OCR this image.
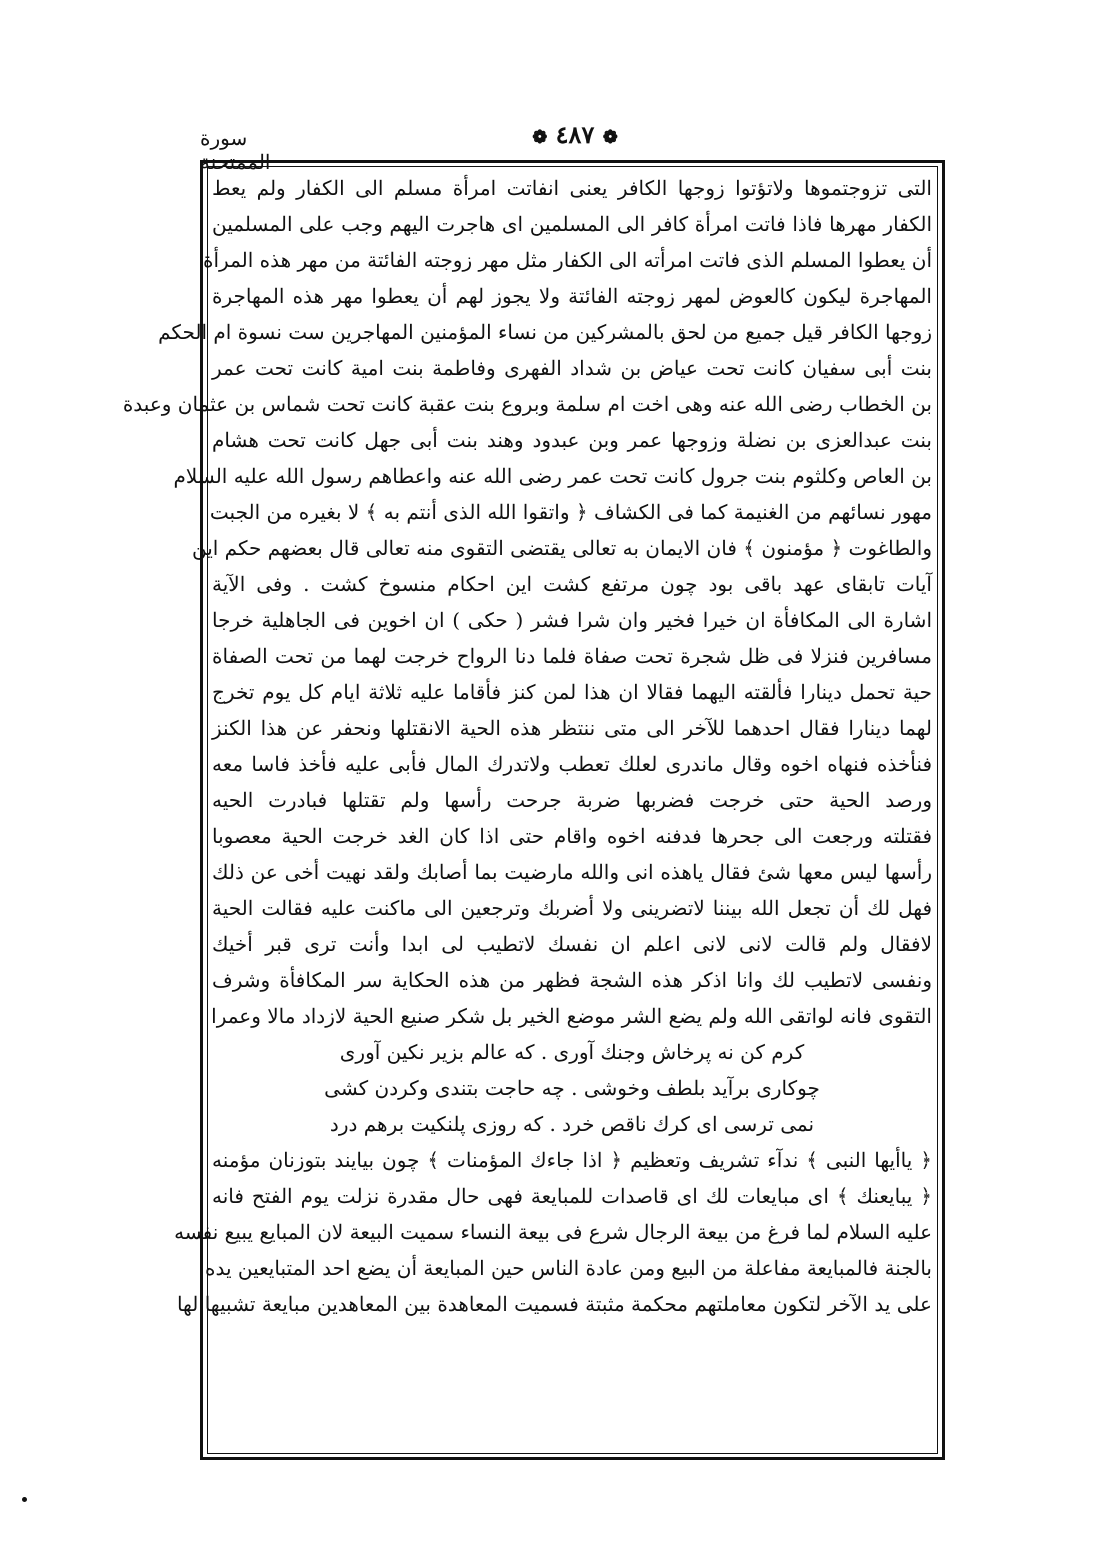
سورة الممتحنة
❁ ٤٨٧ ❁
التى تزوجتموها ولاتؤتوا زوجها الكافر يعنى انفاتت امرأة مسلم الى الكفار ولم يعط
الكفار مهرها فاذا فاتت امرأة كافر الى المسلمين اى هاجرت اليهم وجب على المسلمين
أن يعطوا المسلم الذى فاتت امرأته الى الكفار مثل مهر زوجته الفائتة من مهر هذه المرأة
المهاجرة ليكون كالعوض لمهر زوجته الفائتة ولا يجوز لهم أن يعطوا مهر هذه المهاجرة
زوجها الكافر قيل جميع من لحق بالمشركين من نساء المؤمنين المهاجرين ست نسوة ام الحكم
بنت أبى سفيان كانت تحت عياض بن شداد الفهرى وفاطمة بنت امية كانت تحت عمر
بن الخطاب رضى الله عنه وهى اخت ام سلمة وبروع بنت عقبة كانت تحت شماس بن عثمان وعبدة
بنت عبدالعزى بن نضلة وزوجها عمر وبن عبدود وهند بنت أبى جهل كانت تحت هشام
بن العاص وكلثوم بنت جرول كانت تحت عمر رضى الله عنه واعطاهم رسول الله عليه السلام
مهور نسائهم من الغنيمة كما فى الكشاف ﴿ واتقوا الله الذى أنتم به ﴾ لا بغيره من الجبت
والطاغوت ﴿ مؤمنون ﴾ فان الايمان به تعالى يقتضى التقوى منه تعالى قال بعضهم حكم اين
آيات تابقاى عهد باقى بود چون مرتفع كشت اين احكام منسوخ كشت . وفى الآية
اشارة الى المكافأة ان خيرا فخير وان شرا فشر ( حكى ) ان اخوين فى الجاهلية خرجا
مسافرين فنزلا فى ظل شجرة تحت صفاة فلما دنا الرواح خرجت لهما من تحت الصفاة
حية تحمل دينارا فألقته اليهما فقالا ان هذا لمن كنز فأقاما عليه ثلاثة ايام كل يوم تخرج
لهما دينارا فقال احدهما للآخر الى متى ننتظر هذه الحية الانقتلها ونحفر عن هذا الكنز
فنأخذه فنهاه اخوه وقال ماندرى لعلك تعطب ولاتدرك المال فأبى عليه فأخذ فاسا معه
ورصد الحية حتى خرجت فضربها ضربة جرحت رأسها ولم تقتلها فبادرت الحيه
فقتلته ورجعت الى جحرها فدفنه اخوه واقام حتى اذا كان الغد خرجت الحية معصوبا
رأسها ليس معها شئ فقال ياهذه انى والله مارضيت بما أصابك ولقد نهيت أخى عن ذلك
فهل لك أن تجعل الله بيننا لاتضرينى ولا أضربك وترجعين الى ماكنت عليه فقالت الحية
لافقال ولم قالت لانى لانى اعلم ان نفسك لاتطيب لى ابدا وأنت ترى قبر أخيك
ونفسى لاتطيب لك وانا اذكر هذه الشجة فظهر من هذه الحكاية سر المكافأة وشرف
التقوى فانه لواتقى الله ولم يضع الشر موضع الخير بل شكر صنيع الحية لازداد مالا وعمرا
كرم كن نه پرخاش وجنك آورى . كه عالم بزير نكين آورى
چوكارى برآيد بلطف وخوشى . چه حاجت بتندى وكردن كشى
نمى ترسى اى كرك ناقص خرد . كه روزى پلنكيت برهم درد
﴿ ياأيها النبى ﴾ ندآء تشريف وتعظيم ﴿ اذا جاءك المؤمنات ﴾ چون بيايند بتوزنان مؤمنه
﴿ يبايعنك ﴾ اى مبايعات لك اى قاصدات للمبايعة فهى حال مقدرة نزلت يوم الفتح فانه
عليه السلام لما فرغ من بيعة الرجال شرع فى بيعة النساء سميت البيعة لان المبايع يبيع نفسه
بالجنة فالمبايعة مفاعلة من البيع ومن عادة الناس حين المبايعة أن يضع احد المتبايعين يده
على يد الآخر لتكون معاملتهم محكمة مثبتة فسميت المعاهدة بين المعاهدين مبايعة تشبيها لها
